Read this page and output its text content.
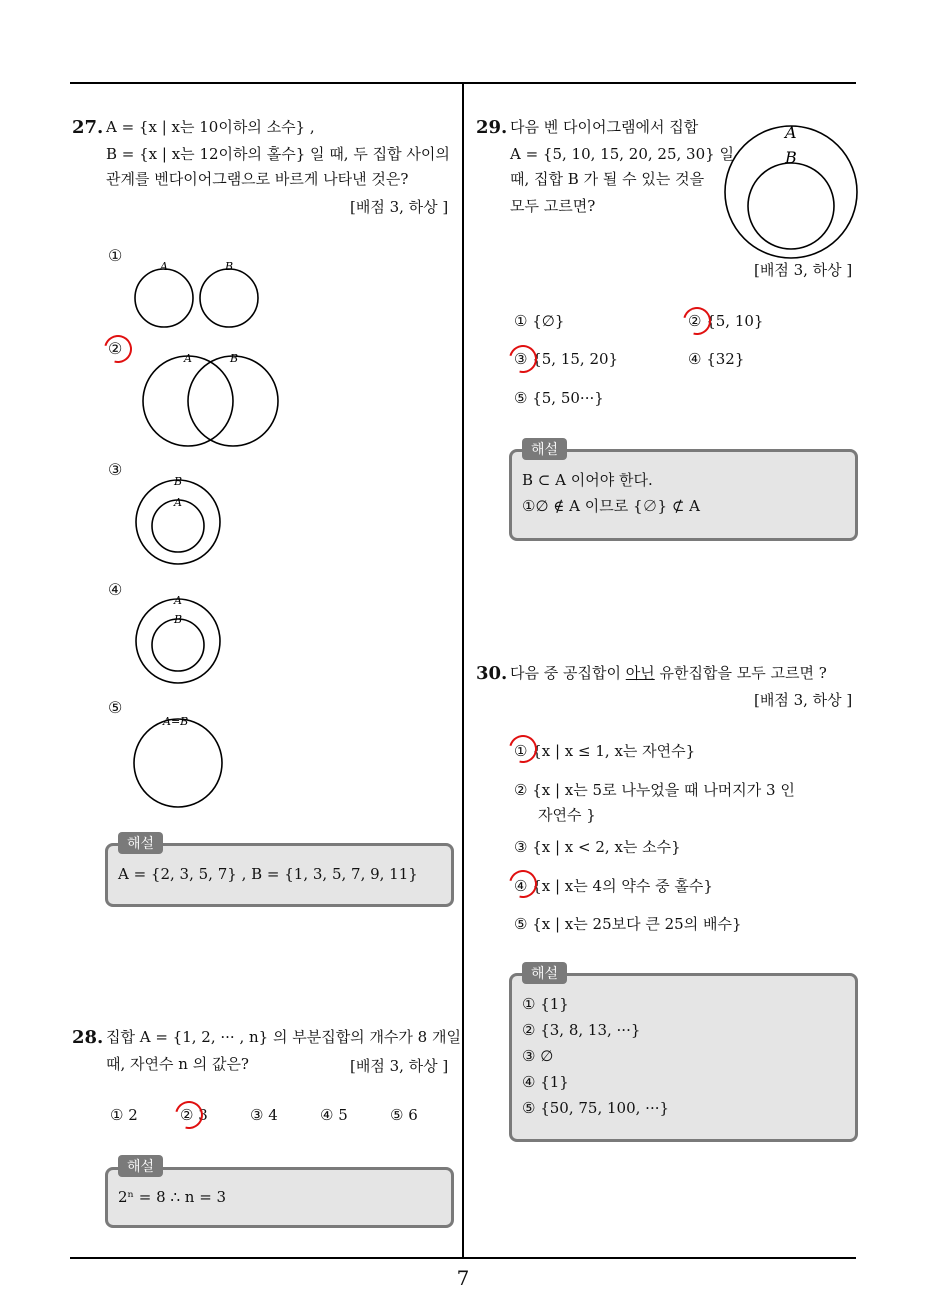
7
27. A = {x | x는 10이하의 소수} ,
B = {x | x는 12이하의 홀수} 일 때, 두 집합 사이의
관계를 벤다이어그램으로 바르게 나타낸 것은?
[배점 3, 하상 ]
①
②
③
④
⑤
A	B
A	B
B
A
A
B
A=B
해설
A = {2, 3, 5, 7} , B = {1, 3, 5, 7, 9, 11}
28. 집합 A = {1, 2, ··· , n} 의 부분집합의 개수가 8 개일
때, 자연수 n 의 값은?	[배점 3, 하상 ]
① 2	② 3	③ 4	④ 5	⑤ 6
해설
2ⁿ = 8 ∴ n = 3
29. 다음 벤 다이어그램에서 집합
A = {5, 10, 15, 20, 25, 30} 일
때, 집합 B 가 될 수 있는 것을
모두 고르면?
A
B
[배점 3, 하상 ]
① {∅}	② {5, 10}
③ {5, 15, 20}	④ {32}
⑤ {5, 50···}
해설
B ⊂ A 이어야 한다.
①∅ ∉ A 이므로 {∅} ⊄ A
30. 다음 중 공집합이 아닌 유한집합을 모두 고르면 ?
[배점 3, 하상 ]
① {x | x ≤ 1, x는 자연수}
② {x | x는 5로 나누었을 때 나머지가 3 인
자연수 }
③ {x | x < 2, x는 소수}
④ {x | x는 4의 약수 중 홀수}
⑤ {x | x는 25보다 큰 25의 배수}
해설
① {1}
② {3, 8, 13, ···}
③ ∅
④ {1}
⑤ {50, 75, 100, ···}
